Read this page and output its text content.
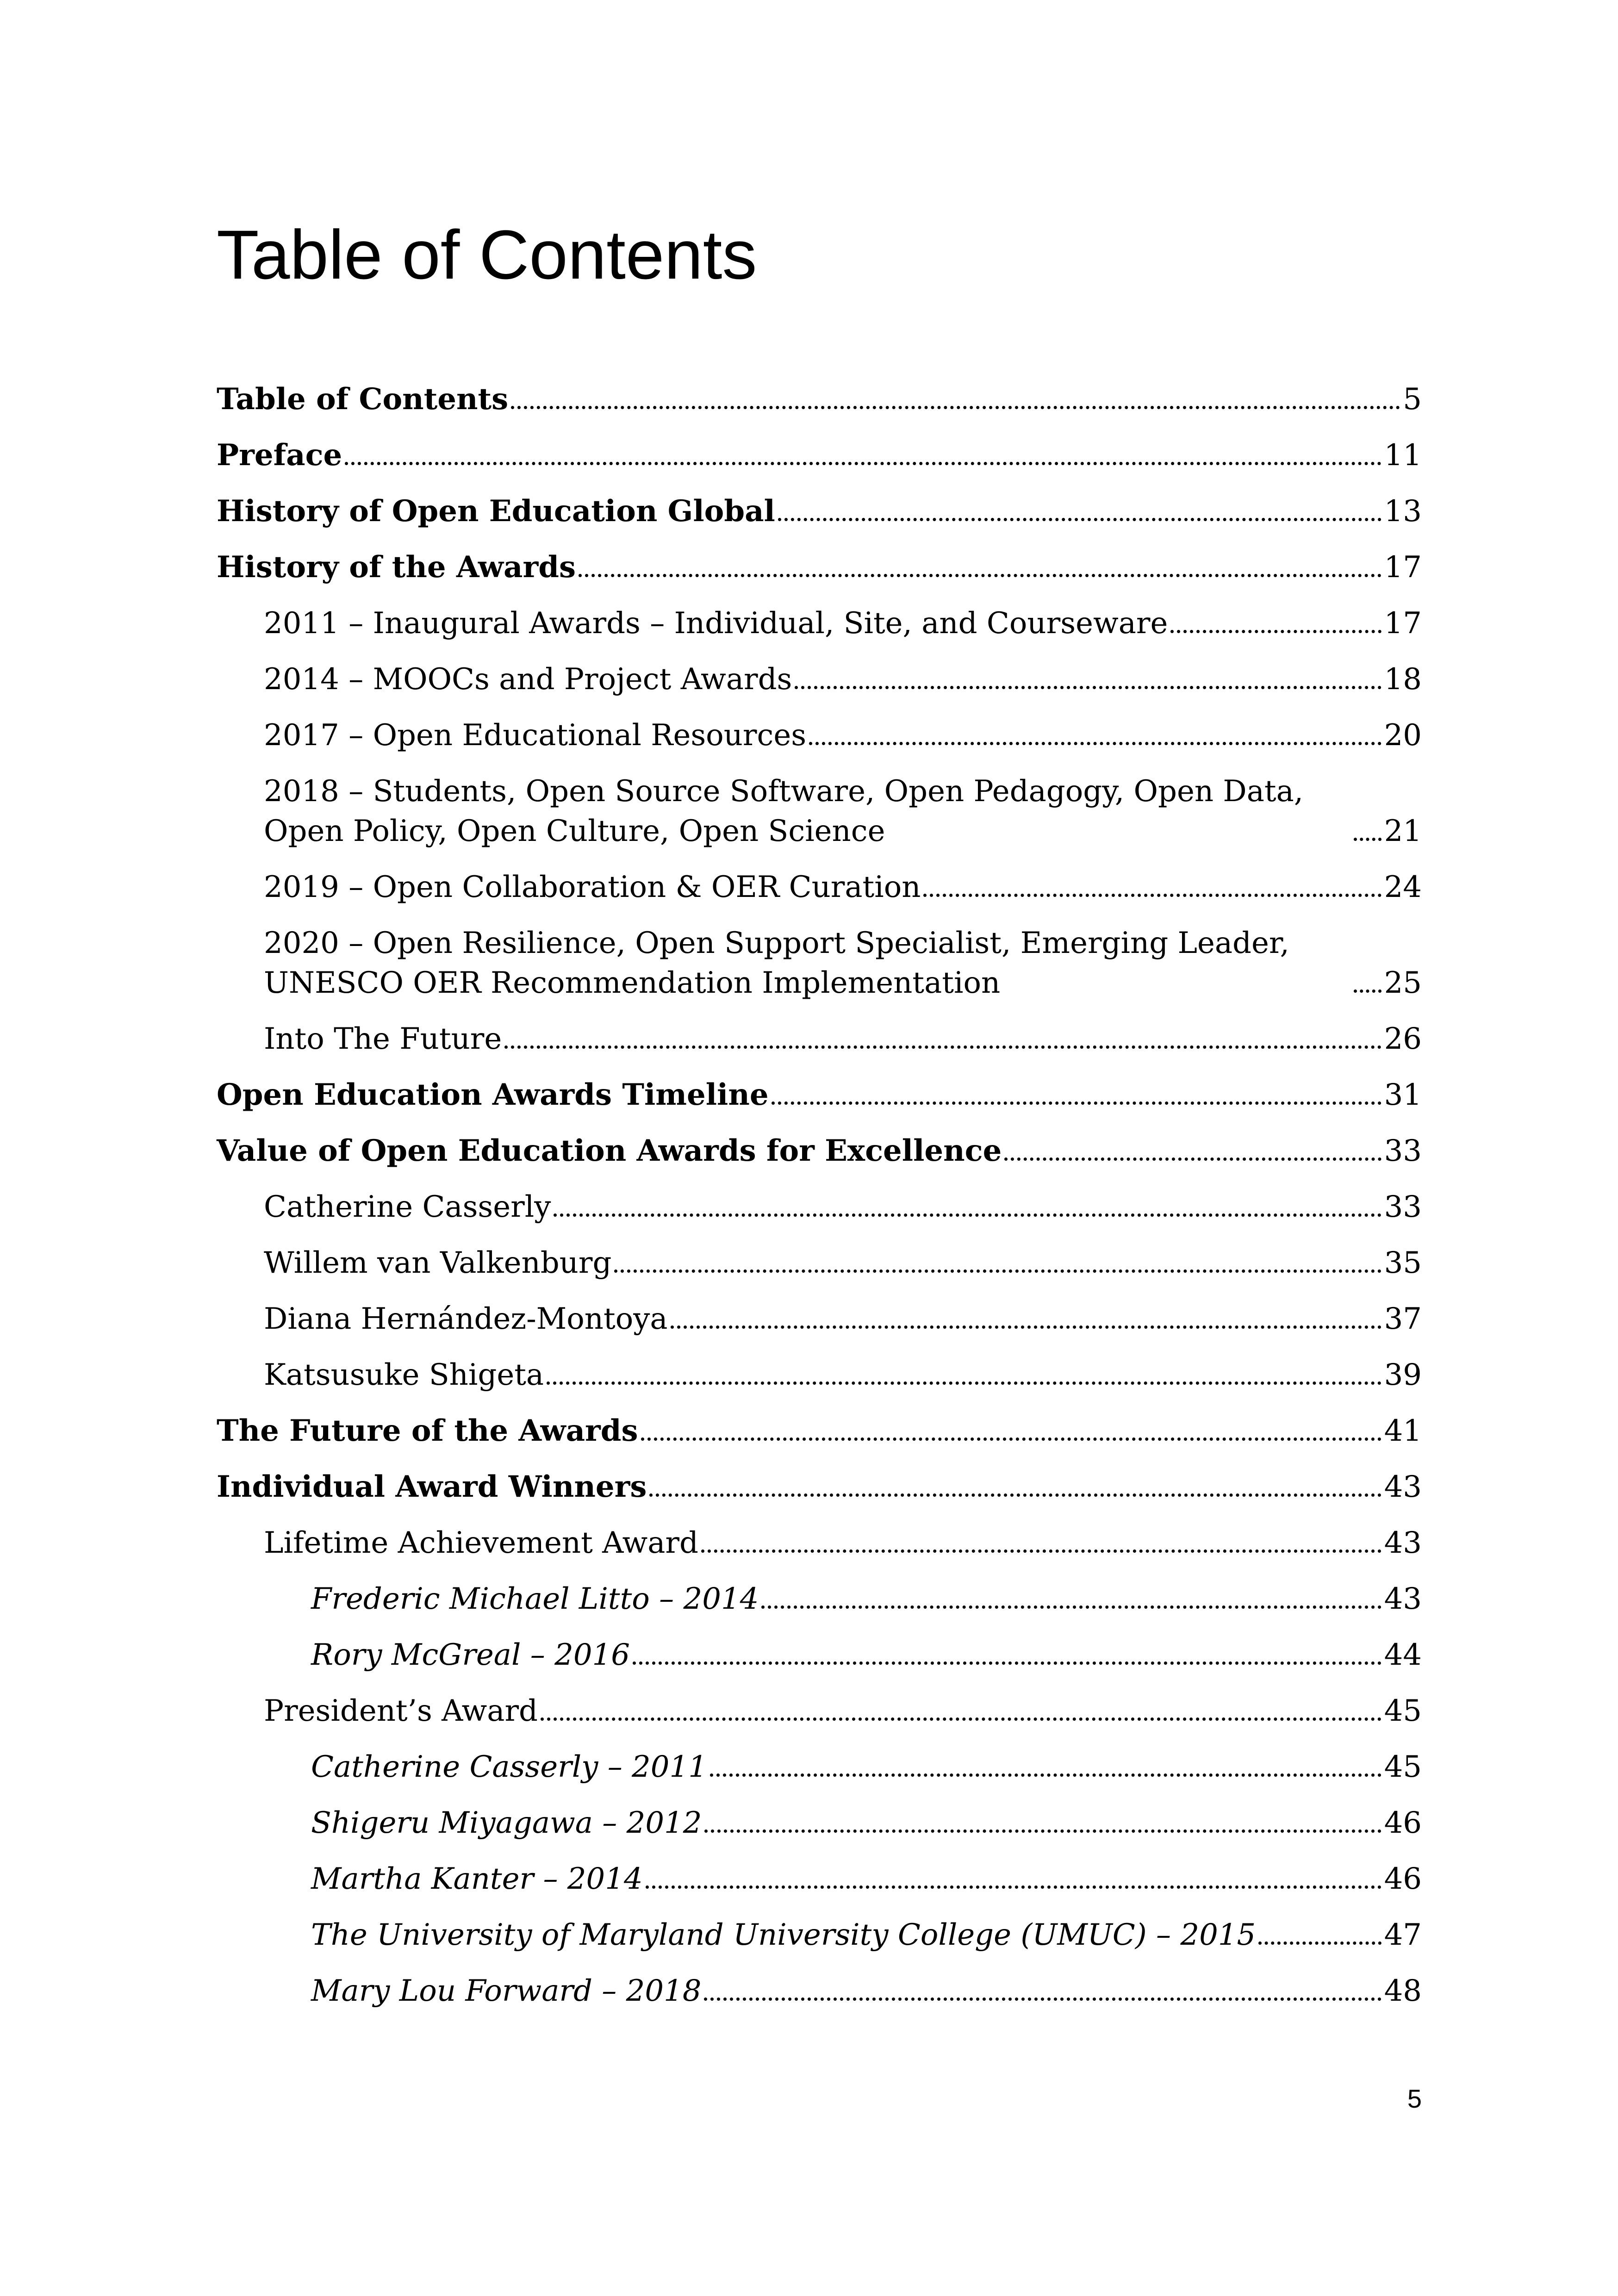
Table of Contents
Table of Contents	5
Preface	11
History of Open Education Global	13
History of the Awards	17
2011 – Inaugural Awards – Individual, Site, and Courseware	17
2014 – MOOCs and Project Awards	18
2017 – Open Educational Resources	20
2018 – Students, Open Source Software, Open Pedagogy, Open Data, Open Policy, Open Culture, Open Science	21
2019 – Open Collaboration & OER Curation	24
2020 – Open Resilience, Open Support Specialist, Emerging Leader, UNESCO OER Recommendation Implementation	25
Into The Future	26
Open Education Awards Timeline	31
Value of Open Education Awards for Excellence	33
Catherine Casserly	33
Willem van Valkenburg	35
Diana Hernández-Montoya	37
Katsusuke Shigeta	39
The Future of the Awards	41
Individual Award Winners	43
Lifetime Achievement Award	43
Frederic Michael Litto – 2014	43
Rory McGreal – 2016	44
President’s Award	45
Catherine Casserly – 2011	45
Shigeru Miyagawa – 2012	46
Martha Kanter – 2014	46
The University of Maryland University College (UMUC) – 2015	47
Mary Lou Forward – 2018	48
5
